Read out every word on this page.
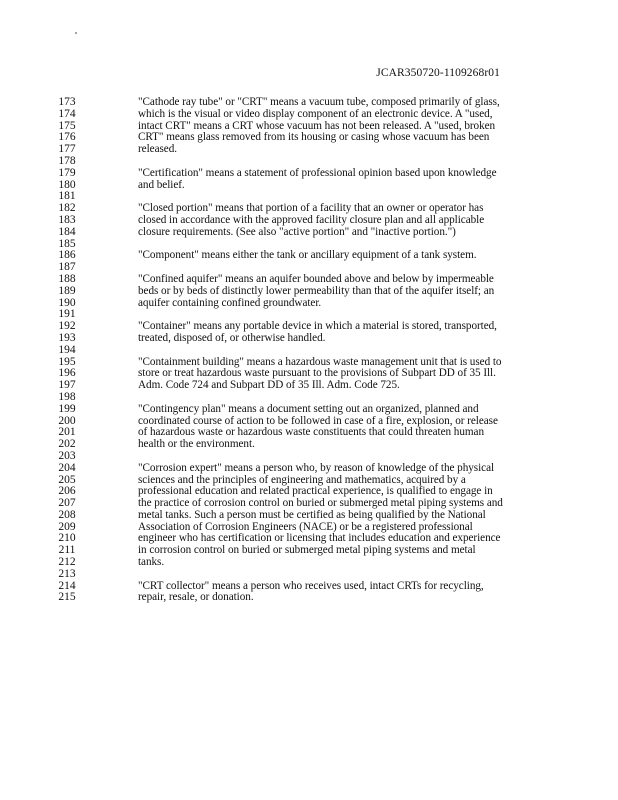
JCAR350720-1109268r01
173	"Cathode ray tube" or "CRT" means a vacuum tube, composed primarily of glass,
174	which is the visual or video display component of an electronic device. A "used,
175	intact CRT" means a CRT whose vacuum has not been released. A "used, broken
176	CRT" means glass removed from its housing or casing whose vacuum has been
177	released.
178
179	"Certification" means a statement of professional opinion based upon knowledge
180	and belief.
181
182	"Closed portion" means that portion of a facility that an owner or operator has
183	closed in accordance with the approved facility closure plan and all applicable
184	closure requirements. (See also "active portion" and "inactive portion.")
185
186	"Component" means either the tank or ancillary equipment of a tank system.
187
188	"Confined aquifer" means an aquifer bounded above and below by impermeable
189	beds or by beds of distinctly lower permeability than that of the aquifer itself; an
190	aquifer containing confined groundwater.
191
192	"Container" means any portable device in which a material is stored, transported,
193	treated, disposed of, or otherwise handled.
194
195	"Containment building" means a hazardous waste management unit that is used to
196	store or treat hazardous waste pursuant to the provisions of Subpart DD of 35 Ill.
197	Adm. Code 724 and Subpart DD of 35 Ill. Adm. Code 725.
198
199	"Contingency plan" means a document setting out an organized, planned and
200	coordinated course of action to be followed in case of a fire, explosion, or release
201	of hazardous waste or hazardous waste constituents that could threaten human
202	health or the environment.
203
204	"Corrosion expert" means a person who, by reason of knowledge of the physical
205	sciences and the principles of engineering and mathematics, acquired by a
206	professional education and related practical experience, is qualified to engage in
207	the practice of corrosion control on buried or submerged metal piping systems and
208	metal tanks. Such a person must be certified as being qualified by the National
209	Association of Corrosion Engineers (NACE) or be a registered professional
210	engineer who has certification or licensing that includes education and experience
211	in corrosion control on buried or submerged metal piping systems and metal
212	tanks.
213
214	"CRT collector" means a person who receives used, intact CRTs for recycling,
215	repair, resale, or donation.
